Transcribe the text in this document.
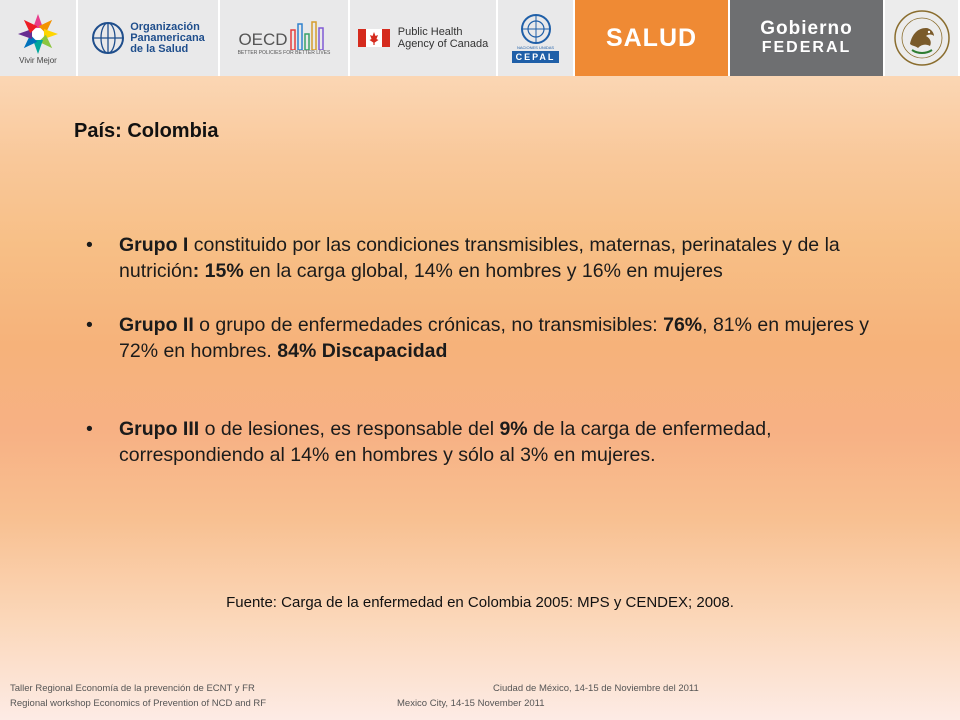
Vivir Mejor
Organización
Panamericana
de la Salud	OECD
BETTER POLICIES FOR BETTER LIVES
Public Health
Agency of Canada	NACIONES UNIDAS
CEPAL
SALUD	Gobierno
FEDERAL
País: Colombia

• Grupo I constituido por las condiciones transmisibles, maternas, perinatales y de la nutrición: 15% en la carga global, 14% en hombres y 16% en mujeres

• Grupo II o grupo de enfermedades crónicas, no transmisibles: 76%, 81% en mujeres y 72% en hombres. 84% Discapacidad

• Grupo III o de lesiones, es responsable del 9% de la carga de enfermedad, correspondiendo al 14% en hombres y sólo al 3% en mujeres.

Fuente: Carga de la enfermedad en Colombia 2005: MPS y CENDEX; 2008.
Taller Regional Economía de la prevención de ECNT y FR
Regional workshop Economics of Prevention of NCD and RF
Ciudad de México, 14-15 de Noviembre del 2011
Mexico City, 14-15 November 2011
